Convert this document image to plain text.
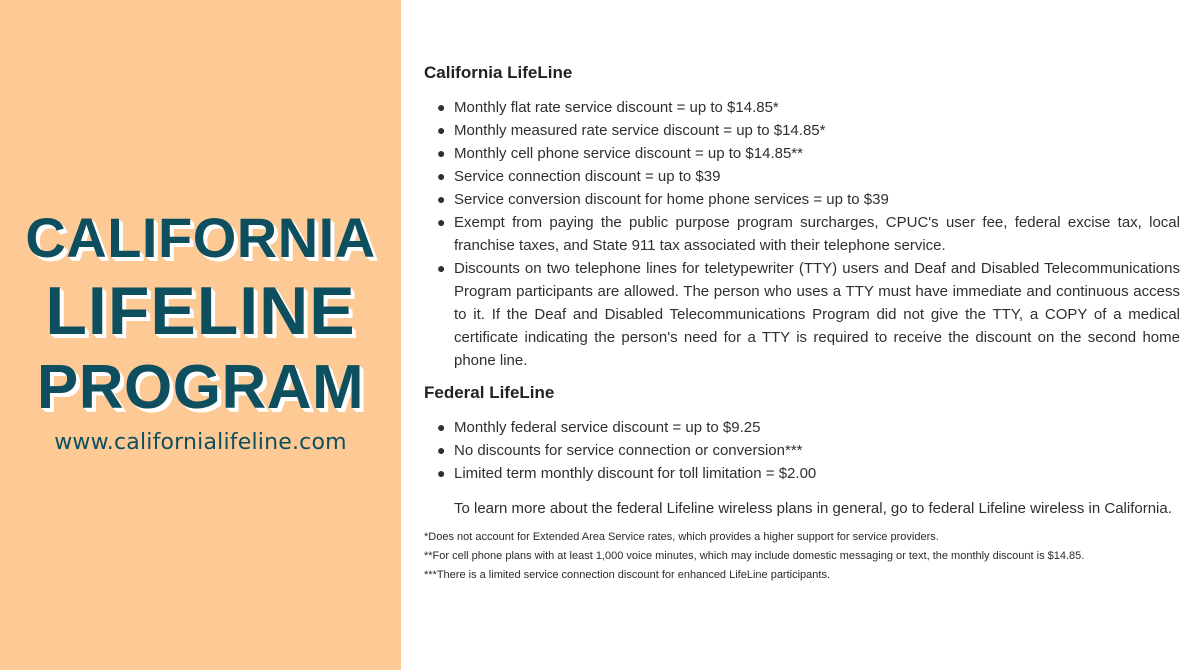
CALIFORNIA
LIFELINE
PROGRAM
www.californialifeline.com
California LifeLine
● Monthly flat rate service discount = up to $14.85*
● Monthly measured rate service discount = up to $14.85*
● Monthly cell phone service discount = up to $14.85**
● Service connection discount = up to $39
● Service conversion discount for home phone services = up to $39
● Exempt from paying the public purpose program surcharges, CPUC's user fee, federal excise tax, local franchise taxes, and State 911 tax associated with their telephone service.
● Discounts on two telephone lines for teletypewriter (TTY) users and Deaf and Disabled Telecommunications Program participants are allowed. The person who uses a TTY must have immediate and continuous access to it. If the Deaf and Disabled Telecommunications Program did not give the TTY, a COPY of a medical certificate indicating the person's need for a TTY is required to receive the discount on the second home phone line.
Federal LifeLine
● Monthly federal service discount = up to $9.25
● No discounts for service connection or conversion***
● Limited term monthly discount for toll limitation = $2.00

To learn more about the federal Lifeline wireless plans in general, go to federal Lifeline wireless in California.

*Does not account for Extended Area Service rates, which provides a higher support for service providers.
**For cell phone plans with at least 1,000 voice minutes, which may include domestic messaging or text, the monthly discount is $14.85.
***There is a limited service connection discount for enhanced LifeLine participants.
